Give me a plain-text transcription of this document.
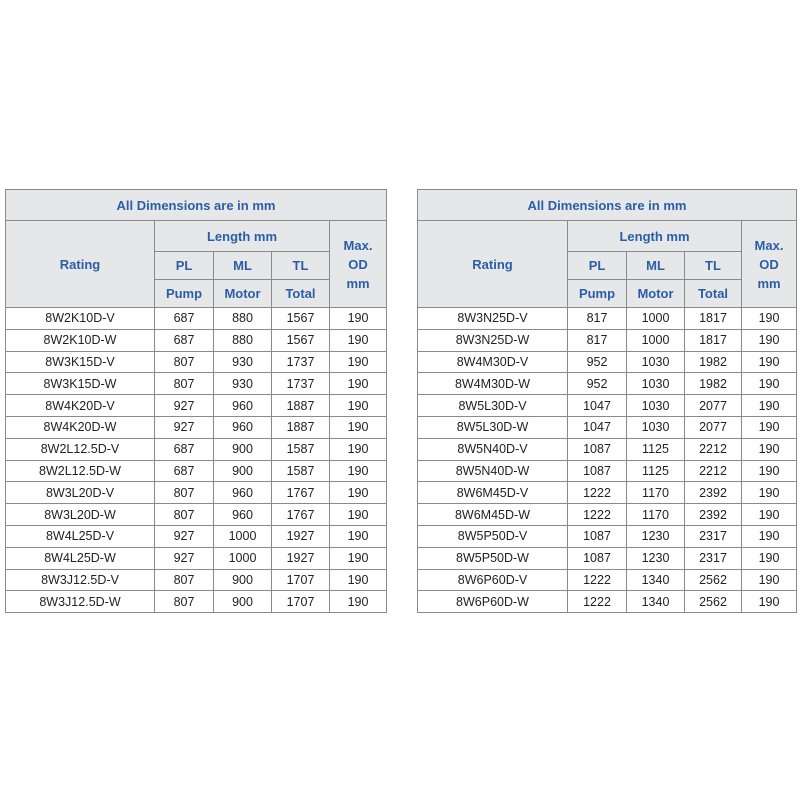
All Dimensions are in mm				
Rating	Length mm			Max.
OD
mm
	PL	ML	TL	
	Pump	Motor	Total	
8W2K10D-V	687	880	1567	190
8W2K10D-W	687	880	1567	190
8W3K15D-V	807	930	1737	190
8W3K15D-W	807	930	1737	190
8W4K20D-V	927	960	1887	190
8W4K20D-W	927	960	1887	190
8W2L12.5D-V	687	900	1587	190
8W2L12.5D-W	687	900	1587	190
8W3L20D-V	807	960	1767	190
8W3L20D-W	807	960	1767	190
8W4L25D-V	927	1000	1927	190
8W4L25D-W	927	1000	1927	190
8W3J12.5D-V	807	900	1707	190
8W3J12.5D-W	807	900	1707	190
All Dimensions are in mm				
Rating	Length mm			Max.
OD
mm
	PL	ML	TL	
	Pump	Motor	Total	
8W3N25D-V	817	1000	1817	190
8W3N25D-W	817	1000	1817	190
8W4M30D-V	952	1030	1982	190
8W4M30D-W	952	1030	1982	190
8W5L30D-V	1047	1030	2077	190
8W5L30D-W	1047	1030	2077	190
8W5N40D-V	1087	1125	2212	190
8W5N40D-W	1087	1125	2212	190
8W6M45D-V	1222	1170	2392	190
8W6M45D-W	1222	1170	2392	190
8W5P50D-V	1087	1230	2317	190
8W5P50D-W	1087	1230	2317	190
8W6P60D-V	1222	1340	2562	190
8W6P60D-W	1222	1340	2562	190
